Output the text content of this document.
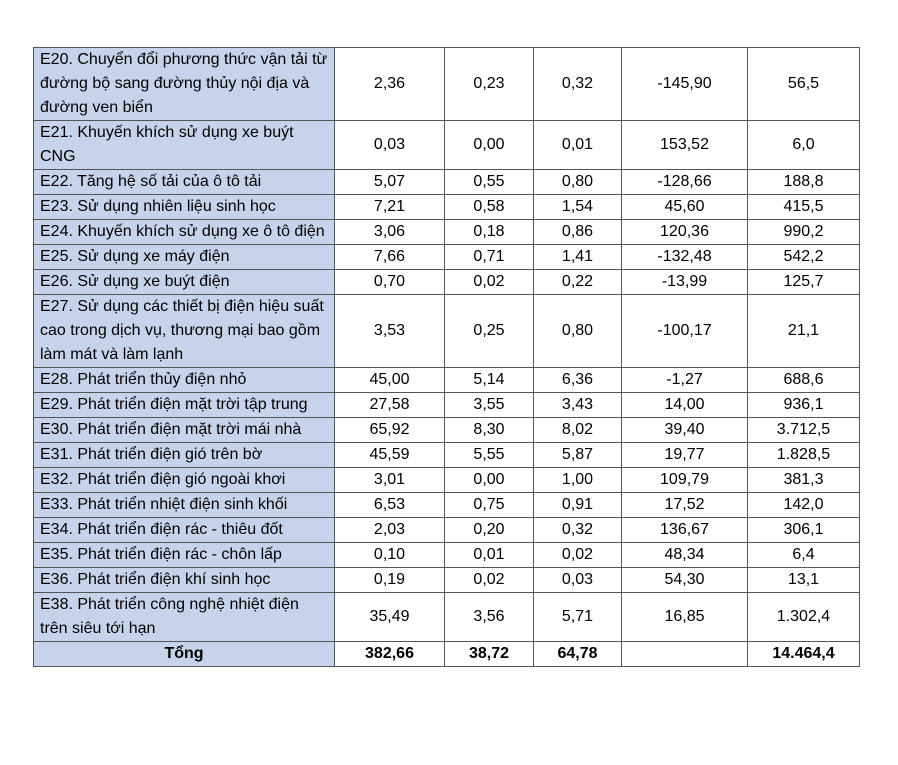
E20. Chuyển đổi phương thức vận tải từ đường bộ sang đường thủy nội địa và đường ven biển	2,36	0,23	0,32	-145,90	56,5
E21. Khuyến khích sử dụng xe buýt CNG	0,03	0,00	0,01	153,52	6,0
E22. Tăng hệ số tải của ô tô tải	5,07	0,55	0,80	-128,66	188,8
E23. Sử dụng nhiên liệu sinh học	7,21	0,58	1,54	45,60	415,5
E24. Khuyến khích sử dụng xe ô tô điện	3,06	0,18	0,86	120,36	990,2
E25. Sử dụng xe máy điện	7,66	0,71	1,41	-132,48	542,2
E26. Sử dụng xe buýt điện	0,70	0,02	0,22	-13,99	125,7
E27. Sử dụng các thiết bị điện hiệu suất cao trong dịch vụ, thương mại bao gồm làm mát và làm lạnh	3,53	0,25	0,80	-100,17	21,1
E28. Phát triển thủy điện nhỏ	45,00	5,14	6,36	-1,27	688,6
E29. Phát triển điện mặt trời tập trung	27,58	3,55	3,43	14,00	936,1
E30. Phát triển điện mặt trời mái nhà	65,92	8,30	8,02	39,40	3.712,5
E31. Phát triển điện gió trên bờ	45,59	5,55	5,87	19,77	1.828,5
E32. Phát triển điện gió ngoài khơi	3,01	0,00	1,00	109,79	381,3
E33. Phát triển nhiệt điện sinh khối	6,53	0,75	0,91	17,52	142,0
E34. Phát triển điện rác - thiêu đốt	2,03	0,20	0,32	136,67	306,1
E35. Phát triển điện rác - chôn lấp	0,10	0,01	0,02	48,34	6,4
E36. Phát triển điện khí sinh học	0,19	0,02	0,03	54,30	13,1
E38. Phát triển công nghệ nhiệt điện trên siêu tới hạn	35,49	3,56	5,71	16,85	1.302,4
Tổng	382,66	38,72	64,78		14.464,4
